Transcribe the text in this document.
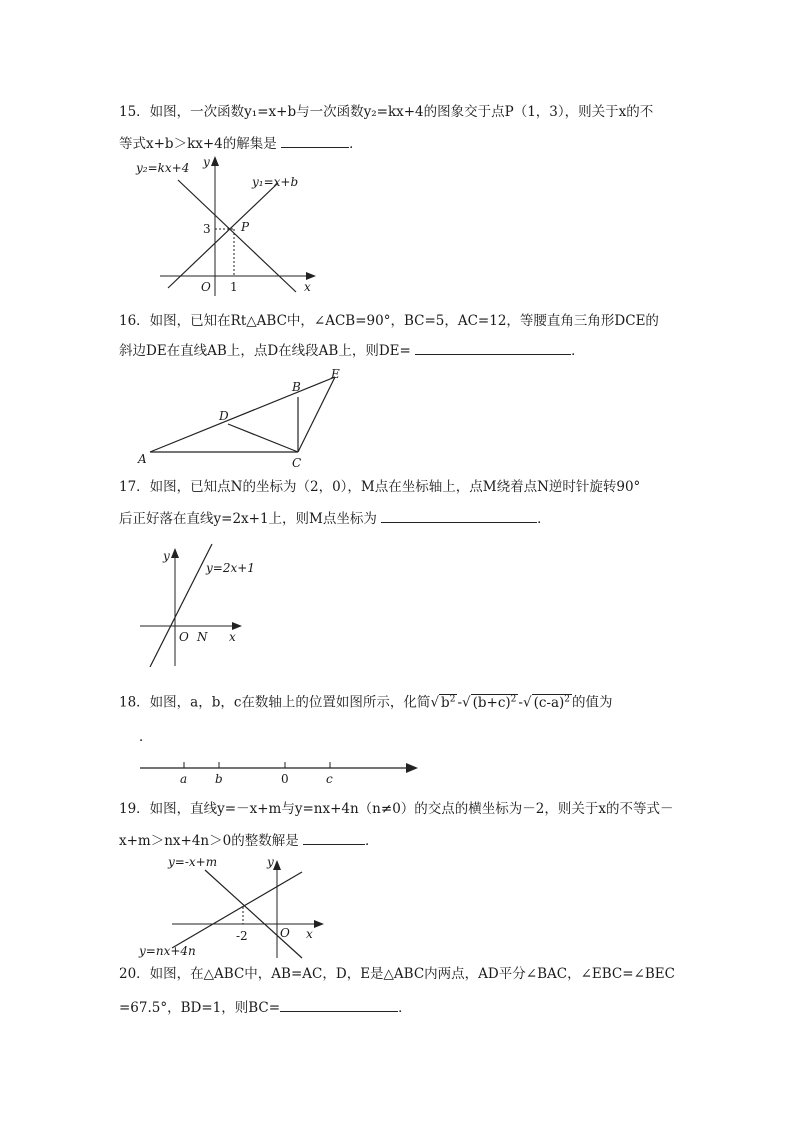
15．如图，一次函数y₁=x+b与一次函数y₂=kx+4的图象交于点P（1，3），则关于x的不
等式x+b＞kx+4的解集是	．
y₂=kx+4
y₁=x+b
y
x
O 1
3	P
16．如图，已知在Rt△ABC中，∠ACB=90°，BC=5，AC=12，等腰直角三角形DCE的
斜边DE在直线AB上，点D在线段AB上，则DE=	．
A
B
C
D
E
17．如图，已知点N的坐标为（2，0），M点在坐标轴上，点M绕着点N逆时针旋转90°
后正好落在直线y=2x+1上，则M点坐标为	．
y
x
O N
y=2x+1
18．如图，a，b，c在数轴上的位置如图所示，化简√ $b^2$ -√ $(b+c)^2$ -√ $(c-a)^2$ 的值为
．
a b	0	c
19．如图，直线y=－x+m与y=nx+4n（n≠0）的交点的横坐标为－2，则关于x的不等式－
x+m＞nx+4n＞0的整数解是	．
y=-x+m
y=nx+4n
y
x
O
-2
20．如图，在△ABC中，AB=AC，D，E是△ABC内两点，AD平分∠BAC，∠EBC=∠BEC
=67.5°，BD=1，则BC=	．
